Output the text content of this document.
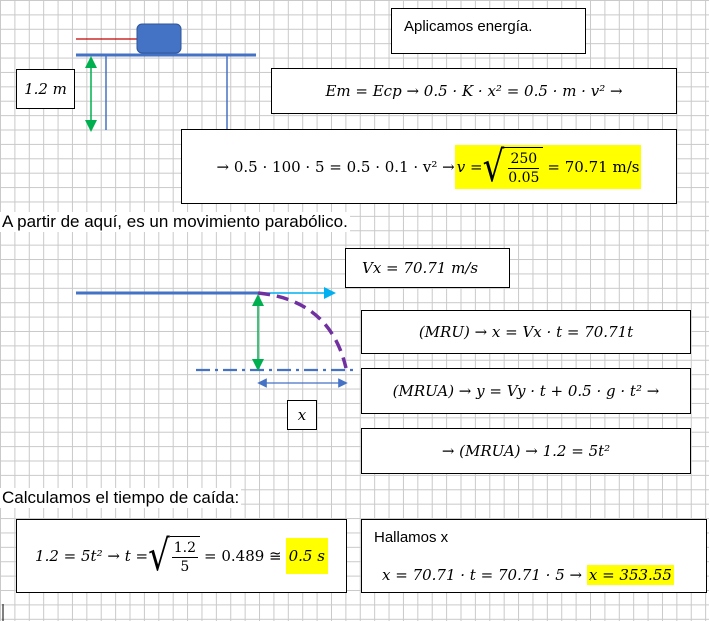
Aplicamos energía.
1.2 m	Em = Ecp → 0.5 · K · x² = 0.5 · m · v² →
→ 0.5 · 100 · 5 = 0.5 · 0.1 · v² → v = √ $\frac{250}{0.05} = 70.71$ m/s
A partir de aquí, es un movimiento parabólico.
Vx = 70.71 m/s
(MRU) → x = Vx · t = 70.71t
(MRUA) → y = Vy · t + 0.5 · g · t² →
x
→ (MRUA) → 1.2 = 5t²
Calculamos el tiempo de caída:
1.2 = 5t² → t = √ $\frac{1.2}{5} = 0.489$ ≅ 0.5 s
Hallamos x
x = 70.71 · t = 70.71 · 5 → x = 353.55
